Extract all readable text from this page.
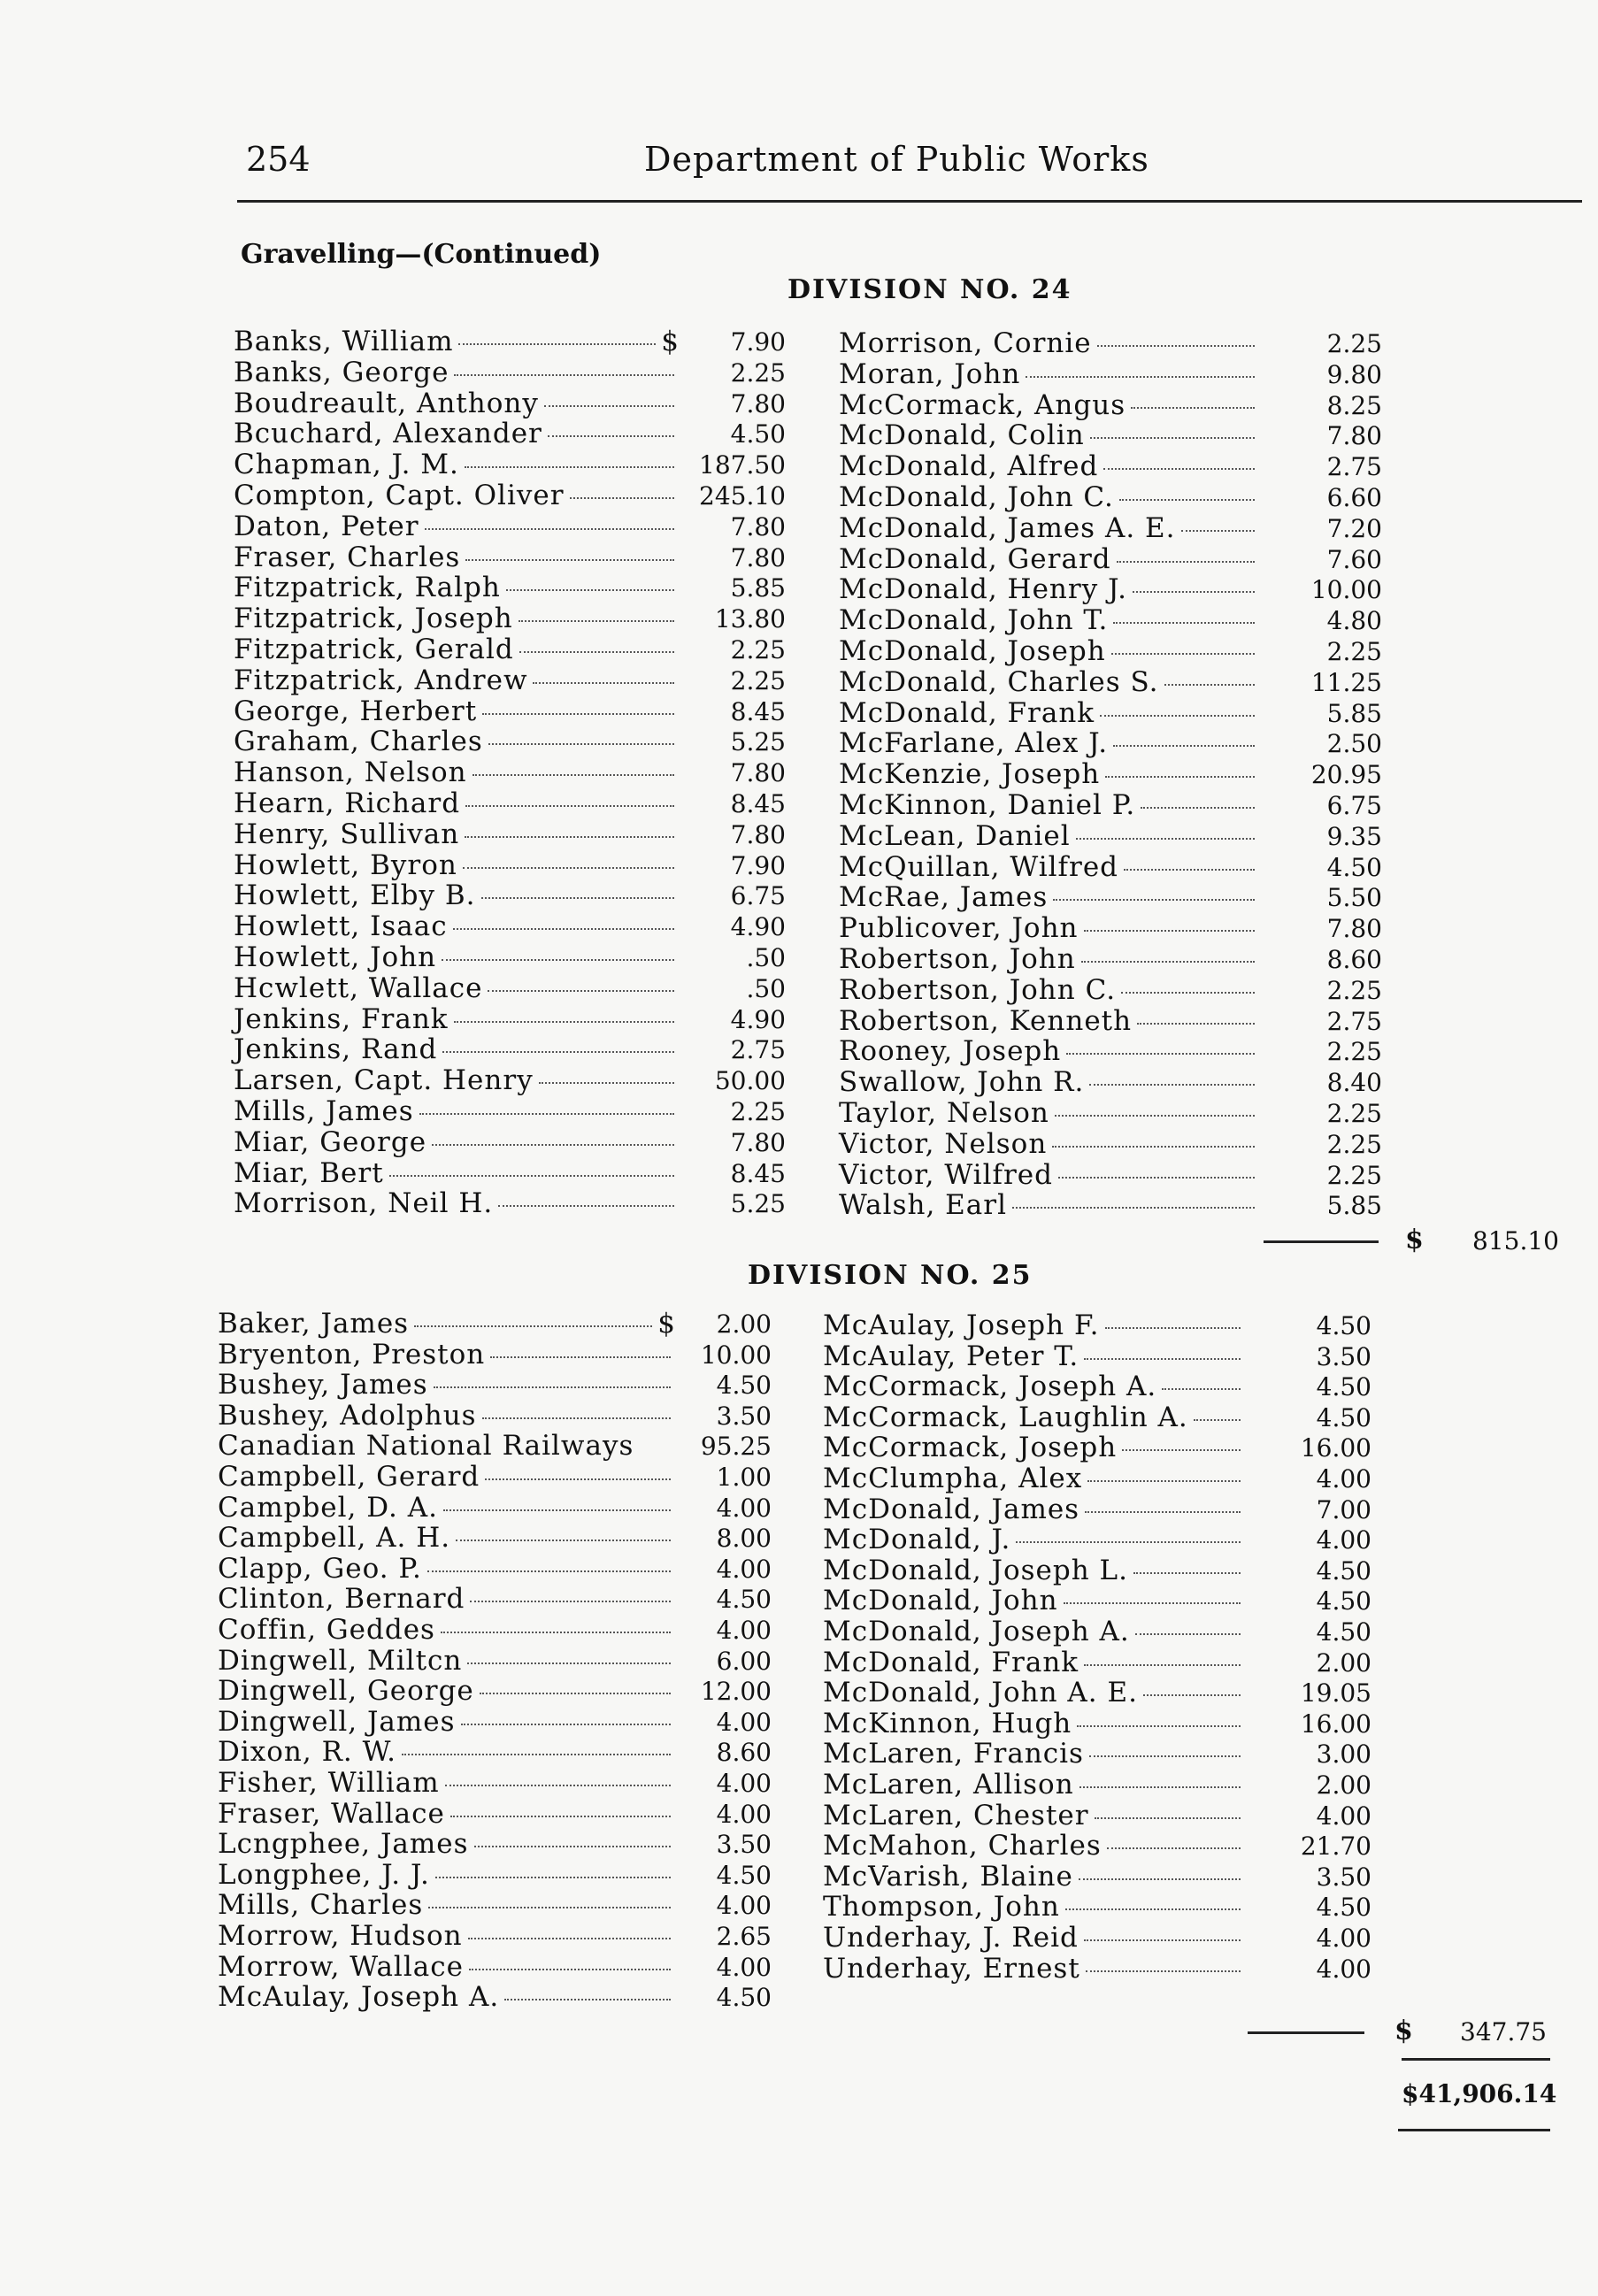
254	Department of Public Works
Gravelling—(Continued)
DIVISION NO. 24
Banks, William	$	7.90
Banks, George	2.25
Boudreault, Anthony	7.80
Bcuchard, Alexander	4.50
Chapman, J. M.	187.50
Compton, Capt. Oliver	245.10
Daton, Peter	7.80
Fraser, Charles	7.80
Fitzpatrick, Ralph	5.85
Fitzpatrick, Joseph	13.80
Fitzpatrick, Gerald	2.25
Fitzpatrick, Andrew	2.25
George, Herbert	8.45
Graham, Charles	5.25
Hanson, Nelson	7.80
Hearn, Richard	8.45
Henry, Sullivan	7.80
Howlett, Byron	7.90
Howlett, Elby B.	6.75
Howlett, Isaac	4.90
Howlett, John	.50
Hcwlett, Wallace	.50
Jenkins, Frank	4.90
Jenkins, Rand	2.75
Larsen, Capt. Henry	50.00
Mills, James	2.25
Miar, George	7.80
Miar, Bert	8.45
Morrison, Neil H.	5.25
Morrison, Cornie	2.25
Moran, John	9.80
McCormack, Angus	8.25
McDonald, Colin	7.80
McDonald, Alfred	2.75
McDonald, John C.	6.60
McDonald, James A. E.	7.20
McDonald, Gerard	7.60
McDonald, Henry J.	10.00
McDonald, John T.	4.80
McDonald, Joseph	2.25
McDonald, Charles S.	11.25
McDonald, Frank	5.85
McFarlane, Alex J.	2.50
McKenzie, Joseph	20.95
McKinnon, Daniel P.	6.75
McLean, Daniel	9.35
McQuillan, Wilfred	4.50
McRae, James	5.50
Publicover, John	7.80
Robertson, John	8.60
Robertson, John C.	2.25
Robertson, Kenneth	2.75
Rooney, Joseph	2.25
Swallow, John R.	8.40
Taylor, Nelson	2.25
Victor, Nelson	2.25
Victor, Wilfred	2.25
Walsh, Earl	5.85
$	815.10
DIVISION NO. 25
Baker, James	$	2.00
Bryenton, Preston	10.00
Bushey, James	4.50
Bushey, Adolphus	3.50
Canadian National Railways	95.25
Campbell, Gerard	1.00
Campbel, D. A.	4.00
Campbell, A. H.	8.00
Clapp, Geo. P.	4.00
Clinton, Bernard	4.50
Coffin, Geddes	4.00
Dingwell, Miltcn	6.00
Dingwell, George	12.00
Dingwell, James	4.00
Dixon, R. W.	8.60
Fisher, William	4.00
Fraser, Wallace	4.00
Lcngphee, James	3.50
Longphee, J. J.	4.50
Mills, Charles	4.00
Morrow, Hudson	2.65
Morrow, Wallace	4.00
McAulay, Joseph A.	4.50
McAulay, Joseph F.	4.50
McAulay, Peter T.	3.50
McCormack, Joseph A.	4.50
McCormack, Laughlin A.	4.50
McCormack, Joseph	16.00
McClumpha, Alex	4.00
McDonald, James	7.00
McDonald, J.	4.00
McDonald, Joseph L.	4.50
McDonald, John	4.50
McDonald, Joseph A.	4.50
McDonald, Frank	2.00
McDonald, John A. E.	19.05
McKinnon, Hugh	16.00
McLaren, Francis	3.00
McLaren, Allison	2.00
McLaren, Chester	4.00
McMahon, Charles	21.70
McVarish, Blaine	3.50
Thompson, John	4.50
Underhay, J. Reid	4.00
Underhay, Ernest	4.00
$	347.75
$41,906.14
